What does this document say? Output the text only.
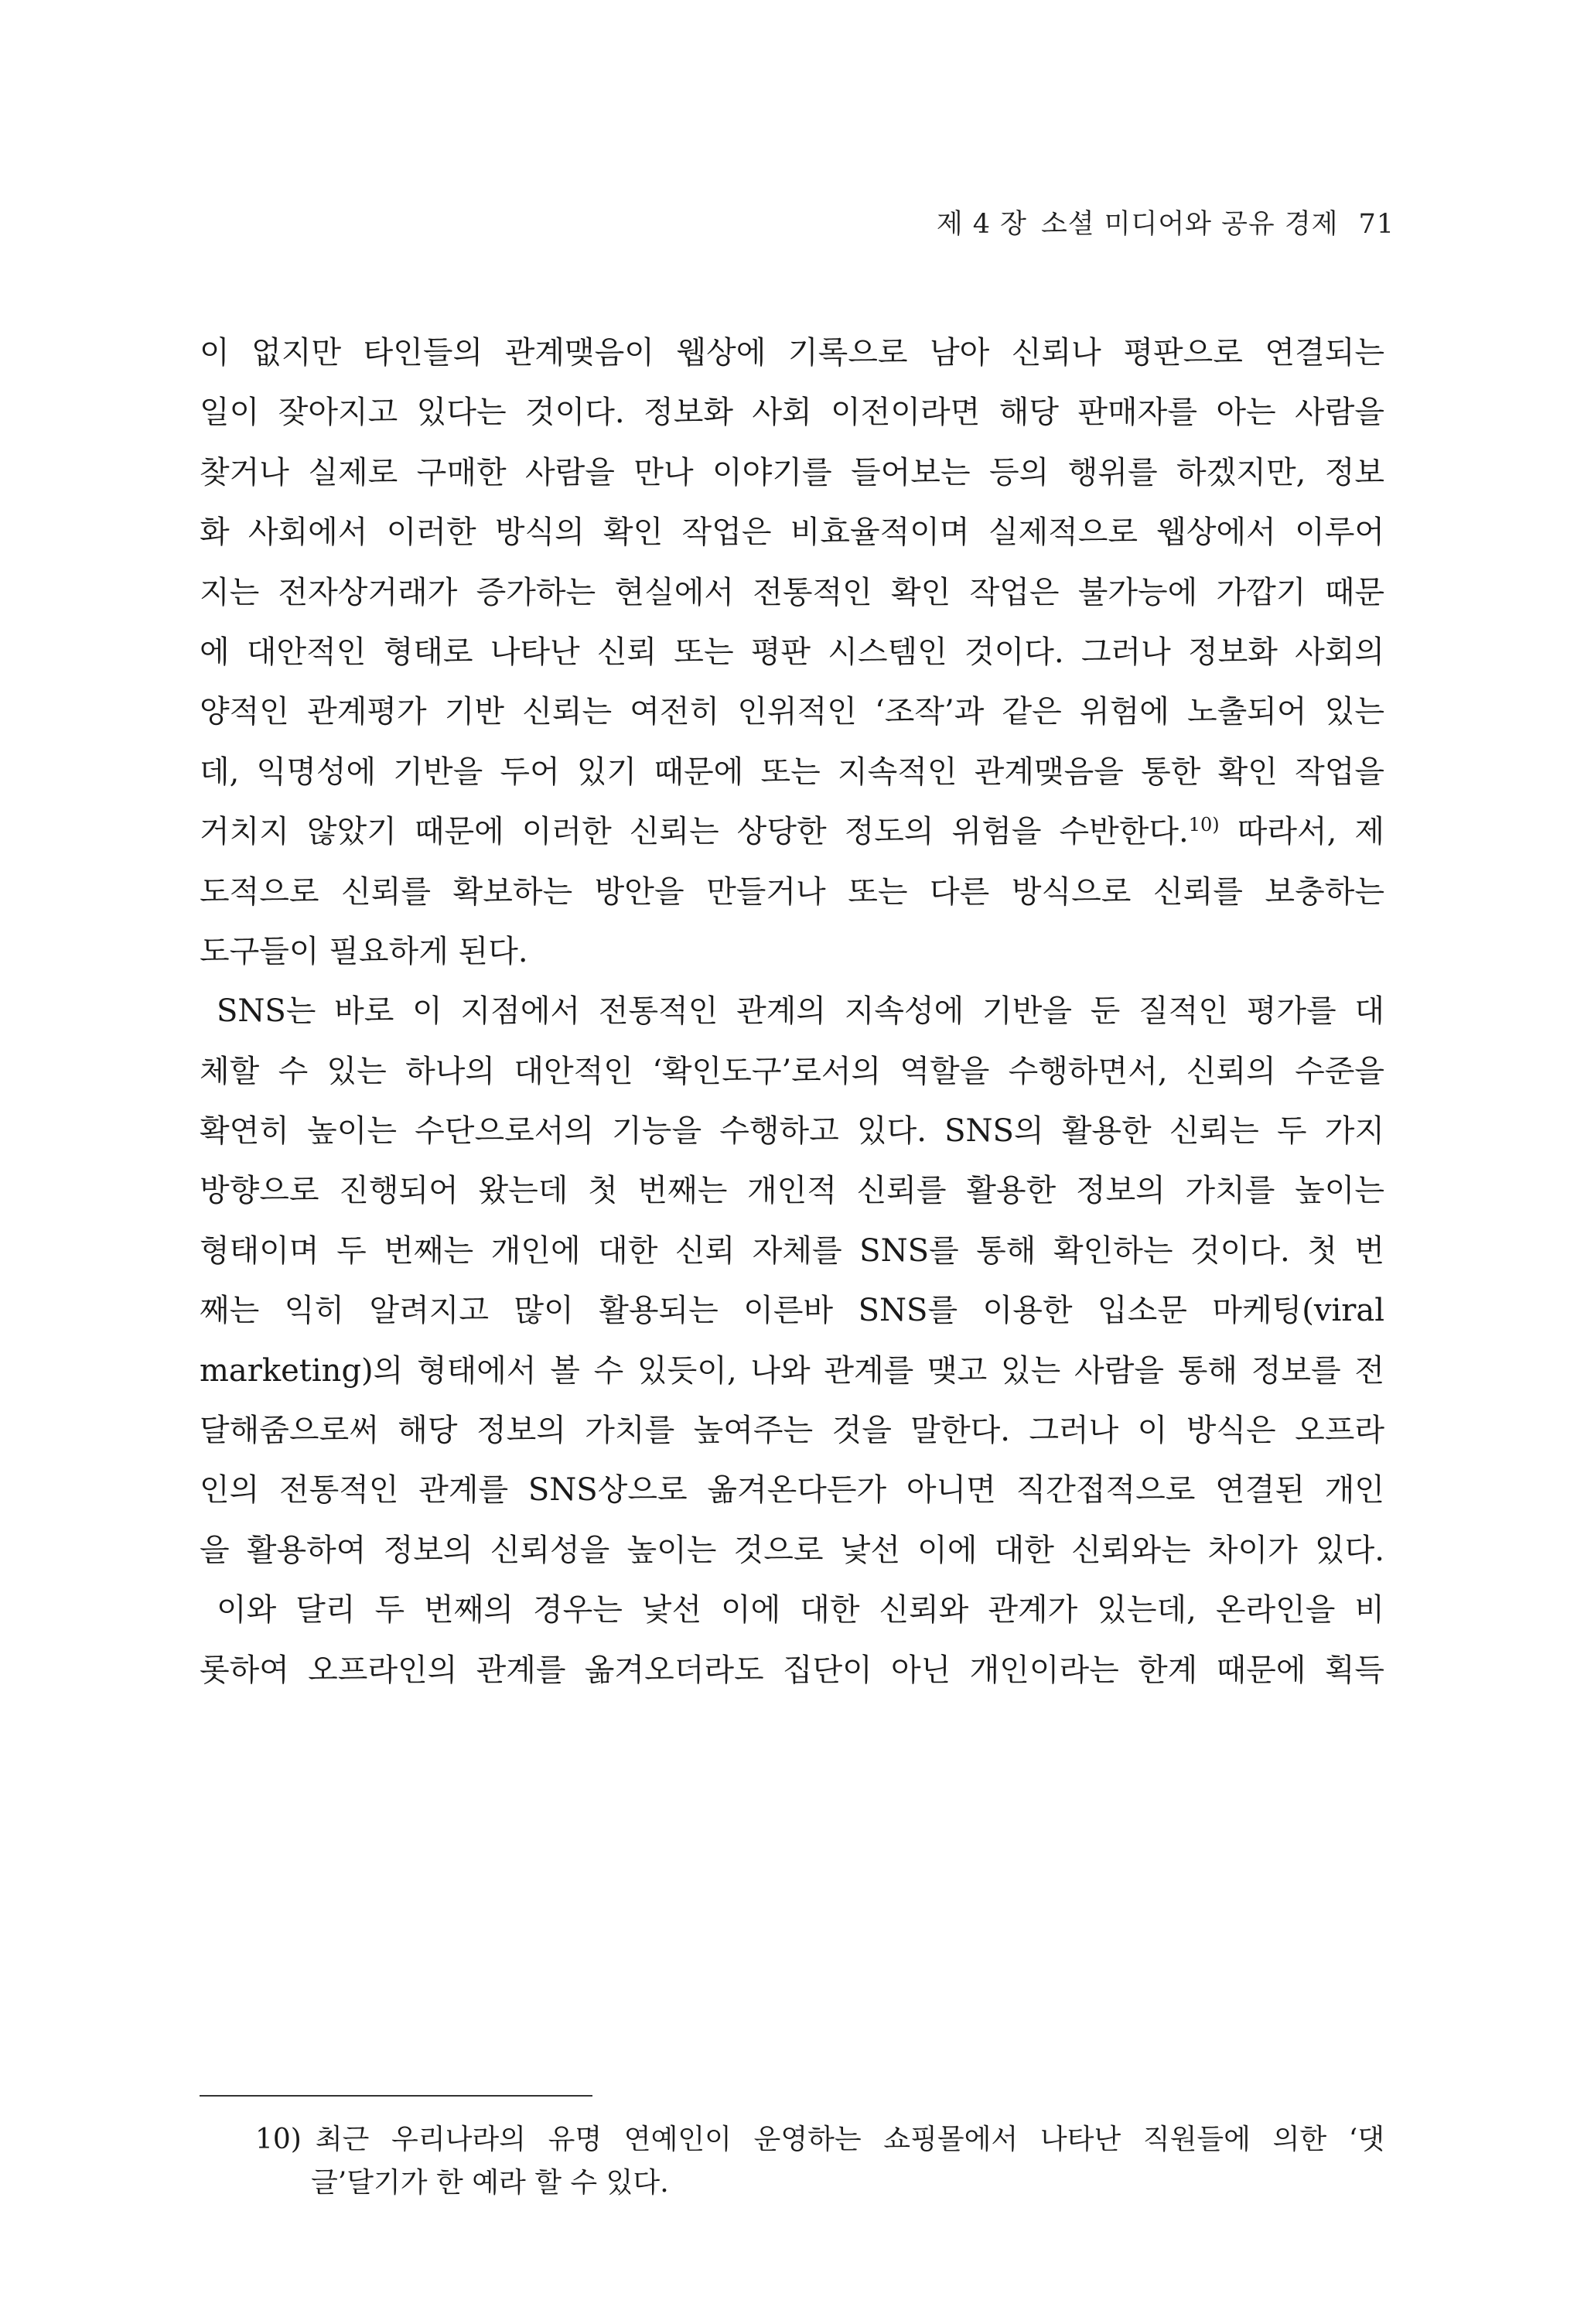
제 4 장 소셜 미디어와 공유 경제 71
이 없지만 타인들의 관계맺음이 웹상에 기록으로 남아 신뢰나 평판으로 연결되는
일이 잦아지고 있다는 것이다. 정보화 사회 이전이라면 해당 판매자를 아는 사람을
찾거나 실제로 구매한 사람을 만나 이야기를 들어보는 등의 행위를 하겠지만, 정보
화 사회에서 이러한 방식의 확인 작업은 비효율적이며 실제적으로 웹상에서 이루어
지는 전자상거래가 증가하는 현실에서 전통적인 확인 작업은 불가능에 가깝기 때문
에 대안적인 형태로 나타난 신뢰 또는 평판 시스템인 것이다. 그러나 정보화 사회의
양적인 관계평가 기반 신뢰는 여전히 인위적인 ‘조작’과 같은 위험에 노출되어 있는
데, 익명성에 기반을 두어 있기 때문에 또는 지속적인 관계맺음을 통한 확인 작업을
거치지 않았기 때문에 이러한 신뢰는 상당한 정도의 위험을 수반한다.$^{10)}$ 따라서, 제
도적으로 신뢰를 확보하는 방안을 만들거나 또는 다른 방식으로 신뢰를 보충하는
도구들이 필요하게 된다.
SNS는 바로 이 지점에서 전통적인 관계의 지속성에 기반을 둔 질적인 평가를 대
체할 수 있는 하나의 대안적인 ‘확인도구’로서의 역할을 수행하면서, 신뢰의 수준을
확연히 높이는 수단으로서의 기능을 수행하고 있다. SNS의 활용한 신뢰는 두 가지
방향으로 진행되어 왔는데 첫 번째는 개인적 신뢰를 활용한 정보의 가치를 높이는
형태이며 두 번째는 개인에 대한 신뢰 자체를 SNS를 통해 확인하는 것이다. 첫 번
째는 익히 알려지고 많이 활용되는 이른바 SNS를 이용한 입소문 마케팅(viral
marketing)의 형태에서 볼 수 있듯이, 나와 관계를 맺고 있는 사람을 통해 정보를 전
달해줌으로써 해당 정보의 가치를 높여주는 것을 말한다. 그러나 이 방식은 오프라
인의 전통적인 관계를 SNS상으로 옮겨온다든가 아니면 직간접적으로 연결된 개인
을 활용하여 정보의 신뢰성을 높이는 것으로 낯선 이에 대한 신뢰와는 차이가 있다.
이와 달리 두 번째의 경우는 낯선 이에 대한 신뢰와 관계가 있는데, 온라인을 비
롯하여 오프라인의 관계를 옮겨오더라도 집단이 아닌 개인이라는 한계 때문에 획득
10) 최근 우리나라의 유명 연예인이 운영하는 쇼핑몰에서 나타난 직원들에 의한 ‘댓
글’달기가 한 예라 할 수 있다.
